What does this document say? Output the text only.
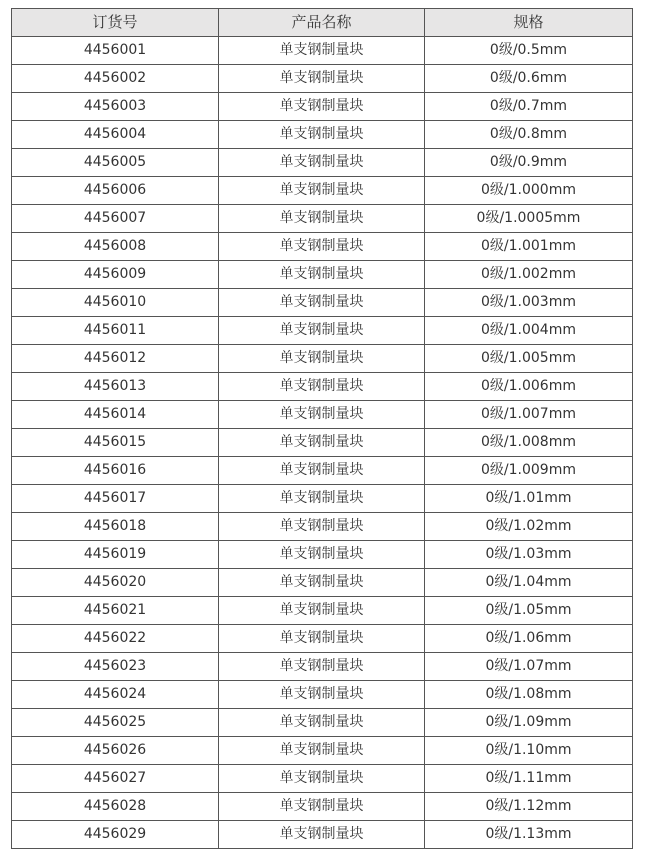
订货号	产品名称	规格
4456001	单支钢制量块	0级/0.5mm
4456002	单支钢制量块	0级/0.6mm
4456003	单支钢制量块	0级/0.7mm
4456004	单支钢制量块	0级/0.8mm
4456005	单支钢制量块	0级/0.9mm
4456006	单支钢制量块	0级/1.000mm
4456007	单支钢制量块	0级/1.0005mm
4456008	单支钢制量块	0级/1.001mm
4456009	单支钢制量块	0级/1.002mm
4456010	单支钢制量块	0级/1.003mm
4456011	单支钢制量块	0级/1.004mm
4456012	单支钢制量块	0级/1.005mm
4456013	单支钢制量块	0级/1.006mm
4456014	单支钢制量块	0级/1.007mm
4456015	单支钢制量块	0级/1.008mm
4456016	单支钢制量块	0级/1.009mm
4456017	单支钢制量块	0级/1.01mm
4456018	单支钢制量块	0级/1.02mm
4456019	单支钢制量块	0级/1.03mm
4456020	单支钢制量块	0级/1.04mm
4456021	单支钢制量块	0级/1.05mm
4456022	单支钢制量块	0级/1.06mm
4456023	单支钢制量块	0级/1.07mm
4456024	单支钢制量块	0级/1.08mm
4456025	单支钢制量块	0级/1.09mm
4456026	单支钢制量块	0级/1.10mm
4456027	单支钢制量块	0级/1.11mm
4456028	单支钢制量块	0级/1.12mm
4456029	单支钢制量块	0级/1.13mm
